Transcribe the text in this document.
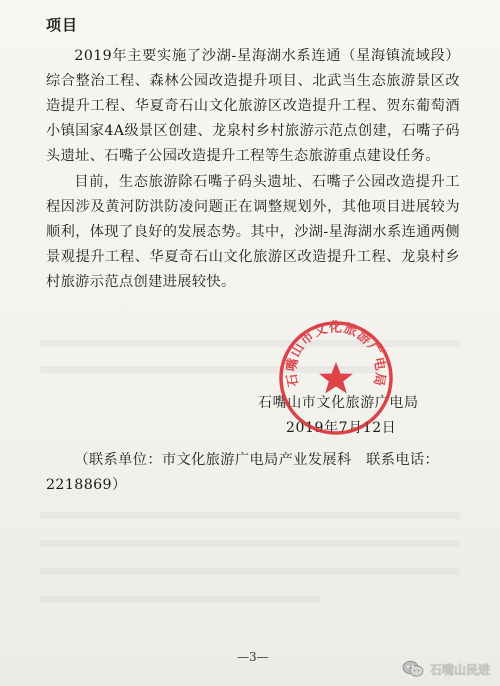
项目

2019年主要实施了沙湖-星海湖水系连通（星海镇流域段）综合整治工程、森林公园改造提升项目、北武当生态旅游景区改造提升工程、华夏奇石山文化旅游区改造提升工程、贺东葡萄酒小镇国家4A级景区创建、龙泉村乡村旅游示范点创建，石嘴子码头遗址、石嘴子公园改造提升工程等生态旅游重点建设任务。

目前，生态旅游除石嘴子码头遗址、石嘴子公园改造提升工程因涉及黄河防洪防凌问题正在调整规划外，其他项目进展较为顺利，体现了良好的发展态势。其中，沙湖-星海湖水系连通两侧景观提升工程、华夏奇石山文化旅游区改造提升工程、龙泉村乡村旅游示范点创建进展较快。

石嘴山市文化旅游广电局
2019年7月12日
石嘴山市文化旅游广电局

（联系单位：市文化旅游广电局产业发展科　联系电话：2218869）

— 3 —
石嘴山民进
